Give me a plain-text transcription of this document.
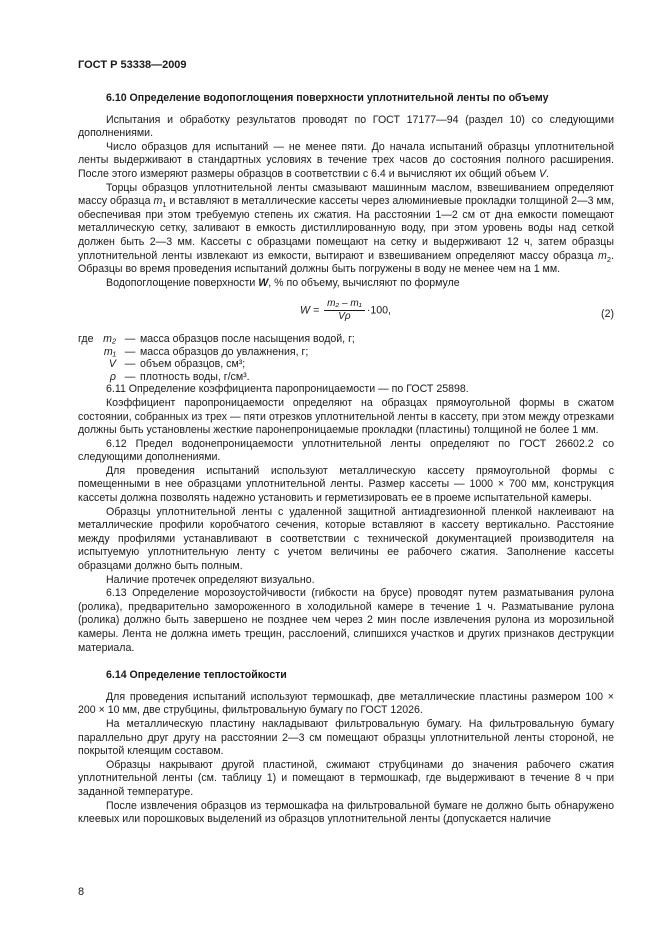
ГОСТ Р 53338—2009
6.10 Определение водопоглощения поверхности уплотнительной ленты по объему

Испытания и обработку результатов проводят по ГОСТ 17177—94 (раздел 10) со следующими дополнениями.

Число образцов для испытаний — не менее пяти. До начала испытаний образцы уплотнительной ленты выдерживают в стандартных условиях в течение трех часов до состояния полного расширения. После этого измеряют размеры образцов в соответствии с 6.4 и вычисляют их общий объем V.

Торцы образцов уплотнительной ленты смазывают машинным маслом, взвешиванием определяют массу образца $m_1$ и вставляют в металлические кассеты через алюминиевые прокладки толщиной 2—3 мм, обеспечивая при этом требуемую степень их сжатия. На расстоянии 1—2 см от дна емкости помещают металлическую сетку, заливают в емкость дистиллированную воду, при этом уровень воды над сеткой должен быть 2—3 мм. Кассеты с образцами помещают на сетку и выдерживают 12 ч, затем образцы уплотнительной ленты извлекают из емкости, вытирают и взвешиванием определяют массу образца $m_2$. Образцы во время проведения испытаний должны быть погружены в воду не менее чем на 1 мм.

Водопоглощение поверхности W, % по объему, вычисляют по формуле

$W = \frac{\text{m₂ – m₁}}{V\rho} \cdot 100$,	(2)
где m₂ — масса образцов после насыщения водой, г;
m₁ — масса образцов до увлажнения, г;
V — объем образцов, см³;
ρ — плотность воды, г/см³.

6.11 Определение коэффициента паропроницаемости — по ГОСТ 25898.

Коэффициент паропроницаемости определяют на образцах прямоугольной формы в сжатом состоянии, собранных из трех — пяти отрезков уплотнительной ленты в кассету, при этом между отрезками должны быть установлены жесткие паронепроницаемые прокладки (пластины) толщиной не более 1 мм.

6.12 Предел водонепроницаемости уплотнительной ленты определяют по ГОСТ 26602.2 со следующими дополнениями.

Для проведения испытаний используют металлическую кассету прямоугольной формы с помещенными в нее образцами уплотнительной ленты. Размер кассеты — 1000 × 700 мм, конструкция кассеты должна позволять надежно установить и герметизировать ее в проеме испытательной камеры.

Образцы уплотнительной ленты с удаленной защитной антиадгезионной пленкой наклеивают на металлические профили коробчатого сечения, которые вставляют в кассету вертикально. Расстояние между профилями устанавливают в соответствии с технической документацией производителя на испытуемую уплотнительную ленту с учетом величины ее рабочего сжатия. Заполнение кассеты образцами должно быть полным.

Наличие протечек определяют визуально.

6.13 Определение морозоустойчивости (гибкости на брусе) проводят путем разматывания рулона (ролика), предварительно замороженного в холодильной камере в течение 1 ч. Разматывание рулона (ролика) должно быть завершено не позднее чем через 2 мин после извлечения рулона из морозильной камеры. Лента не должна иметь трещин, расслоений, слипшихся участков и других признаков деструкции материала.

6.14 Определение теплостойкости

Для проведения испытаний используют термошкаф, две металлические пластины размером 100 × 200 × 10 мм, две струбцины, фильтровальную бумагу по ГОСТ 12026.

На металлическую пластину накладывают фильтровальную бумагу. На фильтровальную бумагу параллельно друг другу на расстоянии 2—3 см помещают образцы уплотнительной ленты стороной, не покрытой клеящим составом.

Образцы накрывают другой пластиной, сжимают струбцинами до значения рабочего сжатия уплотнительной ленты (см. таблицу 1) и помещают в термошкаф, где выдерживают в течение 8 ч при заданной температуре.

После извлечения образцов из термошкафа на фильтровальной бумаге не должно быть обнаружено клеевых или порошковых выделений из образцов уплотнительной ленты (допускается наличие

8
